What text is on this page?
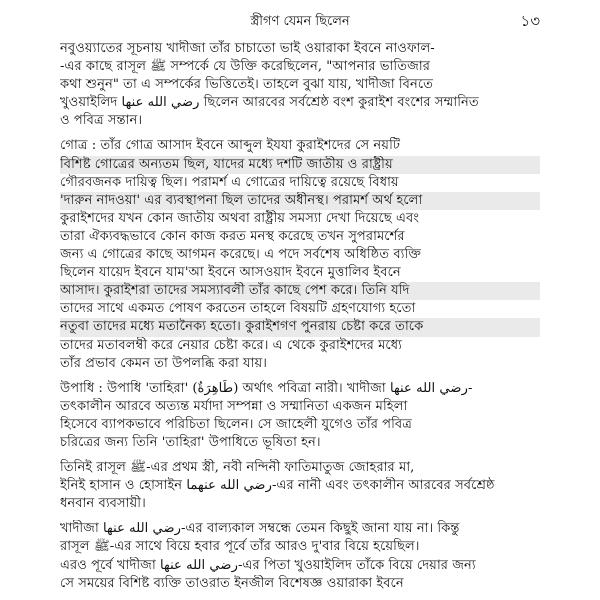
স্ত্রীগণ যেমন ছিলেন	১৩

নবুওয়্যাতের সূচনায় খাদীজা তাঁর চাচাতো ভাই ওয়ারাকা ইবনে নাওফাল-
-এর কাছে রাসূল ﷺ সম্পর্কে যে উক্তি করেছিলেন, "আপনার ভাতিজার
কথা শুনুন" তা এ সম্পর্কের ভিত্তিতেই। তাহলে বুঝা যায়, খাদীজা বিনতে
খুওয়াইলিদ رضي الله عنها ছিলেন আরবের সর্বশ্রেষ্ঠ বংশ কুরাইশ বংশের সম্মানিত
ও পবিত্র সন্তান।

গোত্র : তাঁর গোত্র আসাদ ইবনে আব্দুল ইযযা কুরাইশদের সে নয়টি
বিশিষ্ট গোত্রের অন্যতম ছিল, যাদের মধ্যে দশটি জাতীয় ও রাষ্ট্রীয়
গৌরবজনক দায়িত্ব ছিল। পরামর্শ এ গোত্রের দায়িত্বে রয়েছে বিধায়
'দারুন নাদওয়া' এর ব্যবস্থাপনা ছিল তাদের অধীনস্থ। পরামর্শ অর্থ হলো
কুরাইশদের যখন কোন জাতীয় অথবা রাষ্ট্রীয় সমস্যা দেখা দিয়েছে এবং
তারা ঐক্যবদ্ধভাবে কোন কাজ করত মনস্থ করেছে তখন সুপরামর্শের
জন্য এ গোত্রের কাছে আগমন করেছে। এ পদে সর্বশেষ অধিষ্ঠিত ব্যক্তি
ছিলেন যায়েদ ইবনে যাম'আ ইবনে আসওয়াদ ইবনে মুত্তালিব ইবনে
আসাদ। কুরাইশরা তাদের সমস্যাবলী তাঁর কাছে পেশ করে। তিনি যদি
তাদের সাথে একমত পোষণ করতেন তাহলে বিষয়টি গ্রহণযোগ্য হতো
নতুবা তাদের মধ্যে মতানৈক্য হতো। কুরাইশগণ পুনরায় চেষ্টা করে তাকে
তাদের মতাবলম্বী করে নেয়ার চেষ্টা করে। এ থেকে কুরাইশদের মধ্যে
তাঁর প্রভাব কেমন তা উপলব্ধি করা যায়।

উপাধি : উপাধি 'তাহিরা' (طَاهِرَةٌ) অর্থাৎ পবিত্রা নারী। খাদীজা رضي الله عنها-
তৎকালীন আরবে অত্যন্ত মর্যাদা সম্পন্না ও সম্মানিতা একজন মহিলা
হিসেবে ব্যাপকভাবে পরিচিতা ছিলেন। সে জাহেলী যুগেও তাঁর পবিত্র
চরিত্রের জন্য তিনি 'তাহিরা' উপাধিতে ভূষিতা হন।

তিনিই রাসূল ﷺ-এর প্রথম স্ত্রী, নবী নন্দিনী ফাতিমাতুজ জোহরার মা,
ইনিই হাসান ও হোসাইন رضي الله عنهما-এর নানী এবং তৎকালীন আরবের সর্বশ্রেষ্ঠ
ধনবান ব্যবসায়ী।

খাদীজা رضي الله عنها-এর বাল্যকাল সম্বন্ধে তেমন কিছুই জানা যায় না। কিন্তু
রাসূল ﷺ-এর সাথে বিয়ে হবার পূর্বে তাঁর আরও দু'বার বিয়ে হয়েছিল।
এরও পূর্বে খাদীজা رضي الله عنها-এর পিতা খুওয়াইলিদ তাঁকে বিয়ে দেয়ার জন্য
সে সময়ের বিশিষ্ট ব্যক্তি তাওরাত ইনজীল বিশেষজ্ঞ ওয়ারাকা ইবনে
